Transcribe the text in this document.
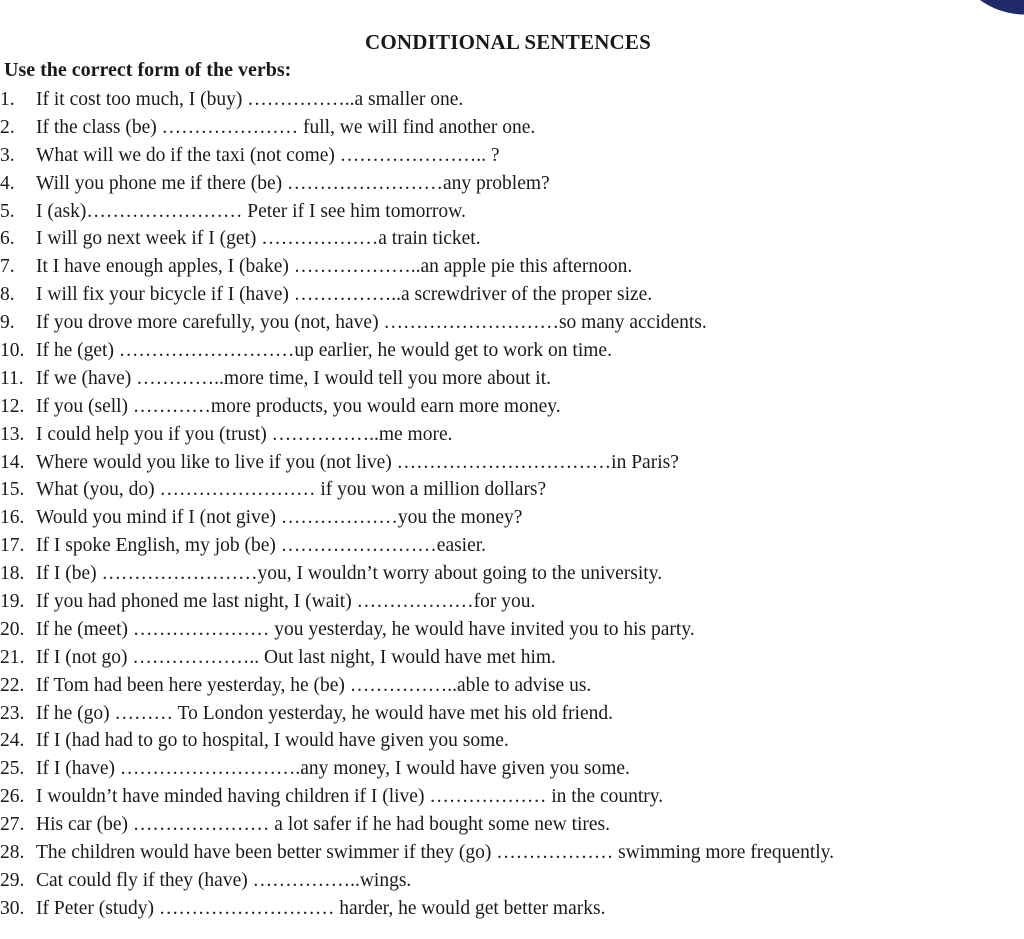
CONDITIONAL SENTENCES
Use the correct form of the verbs:
1. If it cost too much, I (buy) ……………..a smaller one.
2. If the class (be) ………………… full, we will find another one.
3. What will we do if the taxi (not come) ………………….. ?
4. Will you phone me if there (be) ……………………any problem?
5. I (ask)…………………… Peter if I see him tomorrow.
6. I will go next week if I (get) ………………a train ticket.
7. It I have enough apples, I (bake) ………………..an apple pie this afternoon.
8. I will fix your bicycle if I (have) ……………..a screwdriver of the proper size.
9. If you drove more carefully, you (not, have) ………………………so many accidents.
10. If he (get) ………………………up earlier, he would get to work on time.
11. If we (have) …………..more time, I would tell you more about it.
12. If you (sell) …………more products, you would earn more money.
13. I could help you if you (trust) ……………..me more.
14. Where would you like to live if you (not live) ……………………………in Paris?
15. What (you, do) …………………… if you won a million dollars?
16. Would you mind if I (not give) ………………you the money?
17. If I spoke English, my job (be) ……………………easier.
18. If I (be) ……………………you, I wouldn’t worry about going to the university.
19. If you had phoned me last night, I (wait) ………………for you.
20. If he (meet) ………………… you yesterday, he would have invited you to his party.
21. If I (not go) ……………….. Out last night, I would have met him.
22. If Tom had been here yesterday, he (be) ……………..able to advise us.
23. If he (go) ……… To London yesterday, he would have met his old friend.
24. If I (had had to go to hospital, I would have given you some.
25. If I (have) ……………………….any money, I would have given you some.
26. I wouldn’t have minded having children if I (live) ……………… in the country.
27. His car (be) ………………… a lot safer if he had bought some new tires.
28. The children would have been better swimmer if they (go) ……………… swimming more frequently.
29. Cat could fly if they (have) ……………..wings.
30. If Peter (study) ……………………… harder, he would get better marks.
